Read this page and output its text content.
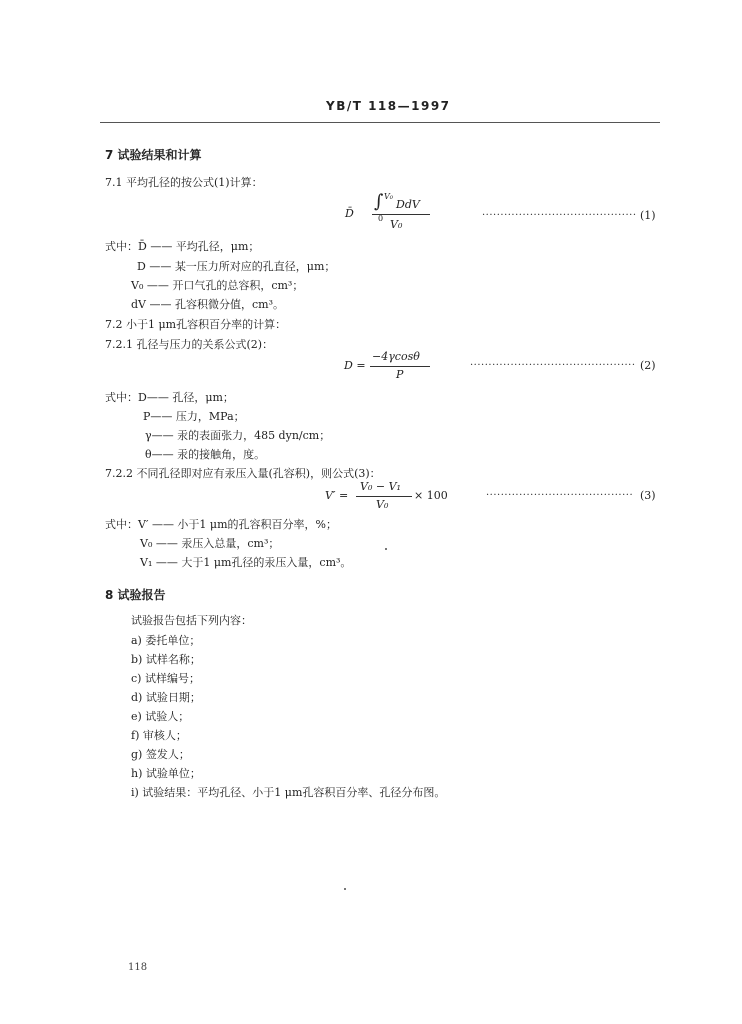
YB/T 118—1997
7 试验结果和计算
7.1 平均孔径的按公式(1)计算：
D̄
∫ V₀
0
DdV
V₀
·········································· (1)
式中：D̄ —— 平均孔径，μm；
D —— 某一压力所对应的孔直径，μm；
V₀ —— 开口气孔的总容积，cm³；
dV —— 孔容积微分值，cm³。
7.2 小于1 μm孔容积百分率的计算：
7.2.1 孔径与压力的关系公式(2)：
D =
−4γcosθ
P
············································· (2)
式中：D—— 孔径，μm；
P—— 压力，MPa；
γ—— 汞的表面张力，485 dyn/cm；
θ—— 汞的接触角，度。
7.2.2 不同孔径即对应有汞压入量(孔容积)，则公式(3)：
V′ =
V₀ − V₁
V₀
× 100	········································ (3)
式中：V′ —— 小于1 μm的孔容积百分率，%；
V₀ —— 汞压入总量，cm³；
V₁ —— 大于1 μm孔径的汞压入量，cm³。
8 试验报告
试验报告包括下列内容：
a) 委托单位；
b) 试样名称；
c) 试样编号；
d) 试验日期；
e) 试验人；
f) 审核人；
g) 签发人；
h) 试验单位；
i) 试验结果：平均孔径、小于1 μm孔容积百分率、孔径分布图。
118
